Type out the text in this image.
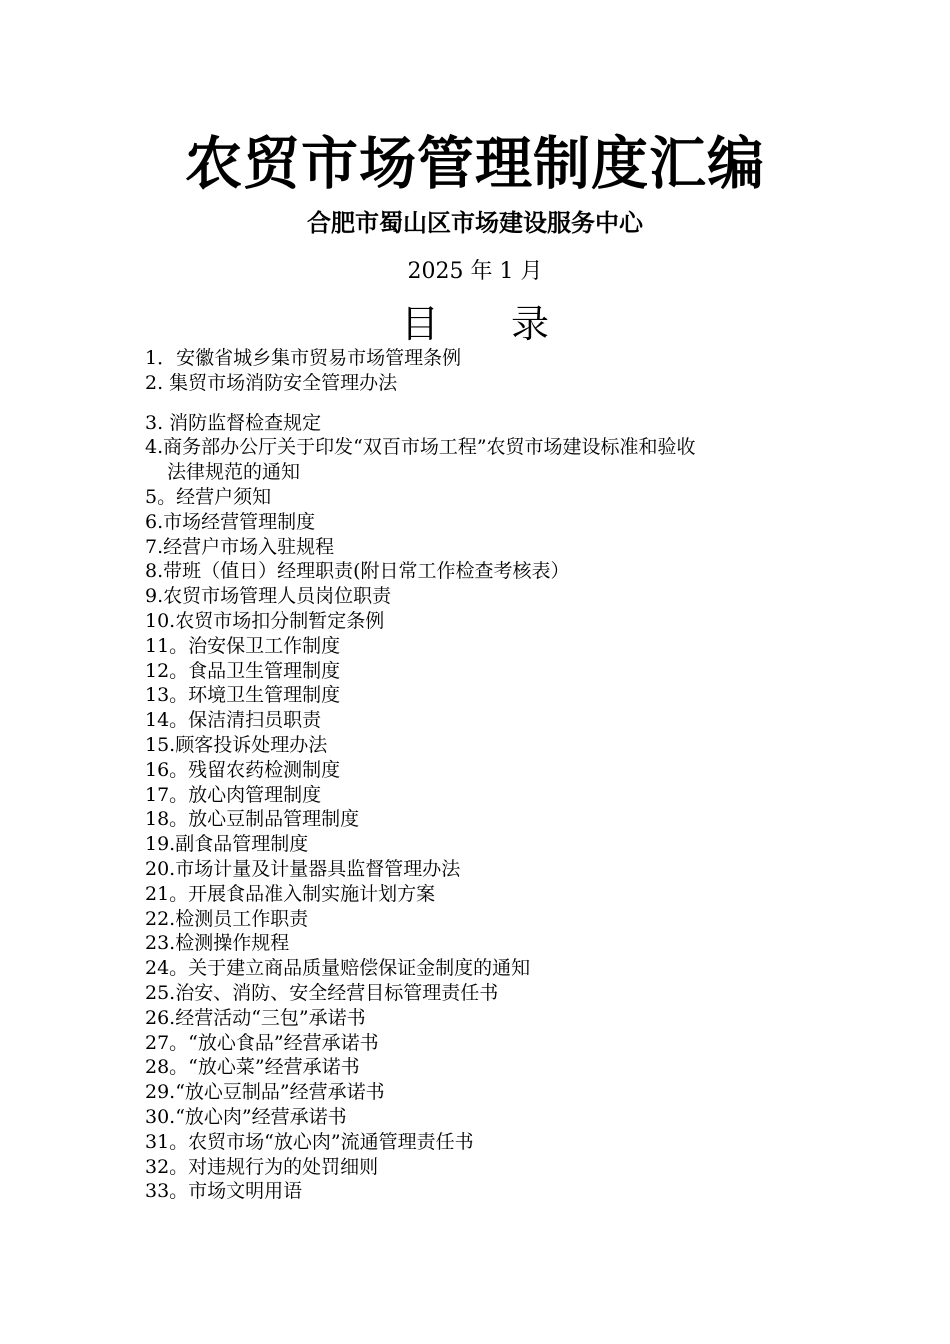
农贸市场管理制度汇编
合肥市蜀山区市场建设服务中心
2025 年 1 月
目 录
1．安徽省城乡集市贸易市场管理条例
2. 集贸市场消防安全管理办法
3. 消防监督检查规定
4.商务部办公厅关于印发“双百市场工程”农贸市场建设标准和验收
法律规范的通知
5。经营户须知
6.市场经营管理制度
7.经营户市场入驻规程
8.带班（值日）经理职责(附日常工作检查考核表）
9.农贸市场管理人员岗位职责
10.农贸市场扣分制暂定条例
11。治安保卫工作制度
12。食品卫生管理制度
13。环境卫生管理制度
14。保洁清扫员职责
15.顾客投诉处理办法
16。残留农药检测制度
17。放心肉管理制度
18。放心豆制品管理制度
19.副食品管理制度
20.市场计量及计量器具监督管理办法
21。开展食品准入制实施计划方案
22.检测员工作职责
23.检测操作规程
24。关于建立商品质量赔偿保证金制度的通知
25.治安、消防、安全经营目标管理责任书
26.经营活动“三包”承诺书
27。“放心食品”经营承诺书
28。“放心菜”经营承诺书
29.“放心豆制品”经营承诺书
30.“放心肉”经营承诺书
31。农贸市场“放心肉”流通管理责任书
32。对违规行为的处罚细则
33。市场文明用语
